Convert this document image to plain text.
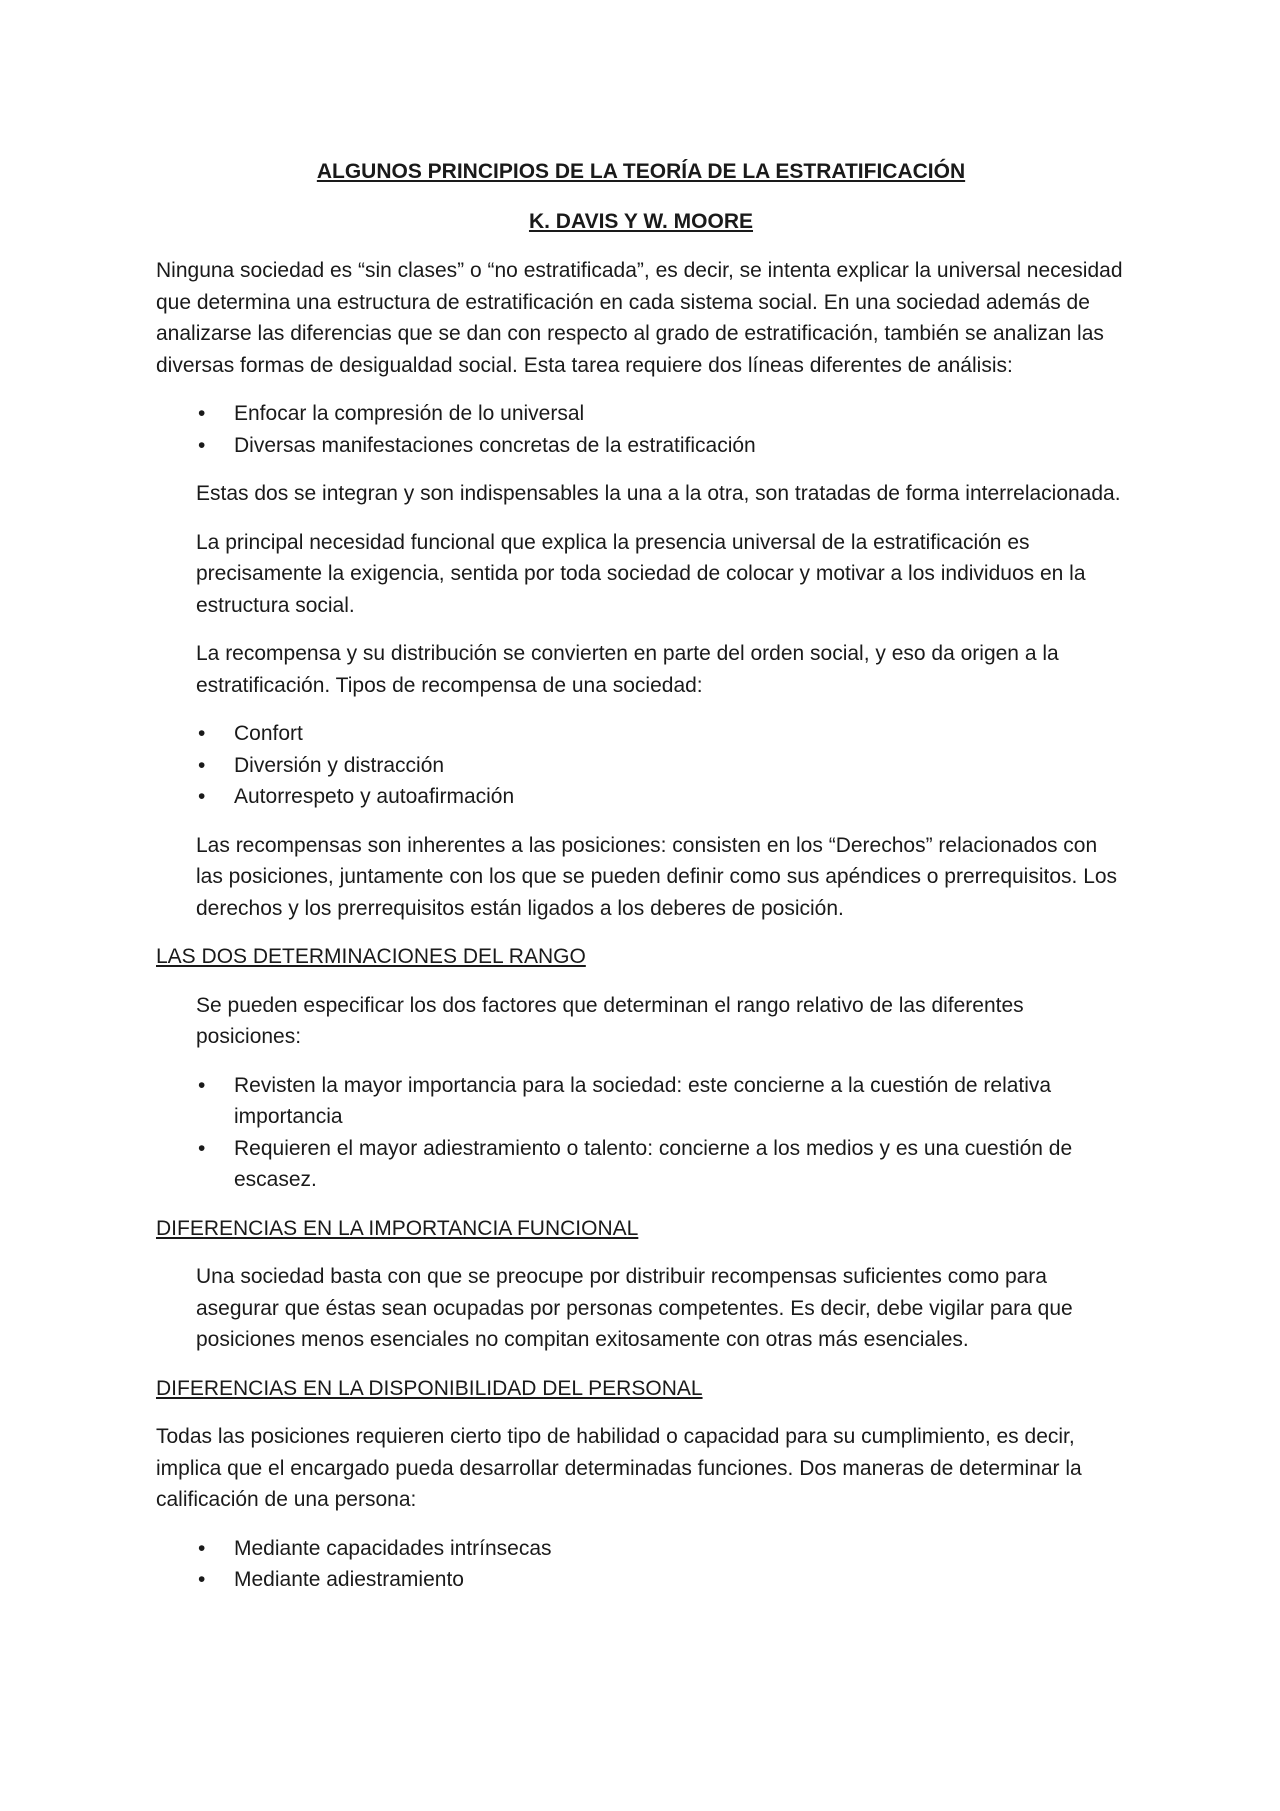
ALGUNOS PRINCIPIOS DE LA TEORÍA DE LA ESTRATIFICACIÓN
K. DAVIS Y W. MOORE

Ninguna sociedad es “sin clases” o “no estratificada”, es decir, se intenta explicar la universal necesidad que determina una estructura de estratificación en cada sistema social. En una sociedad además de analizarse las diferencias que se dan con respecto al grado de estratificación, también se analizan las diversas formas de desigualdad social. Esta tarea requiere dos líneas diferentes de análisis:

• Enfocar la compresión de lo universal
• Diversas manifestaciones concretas de la estratificación

Estas dos se integran y son indispensables la una a la otra, son tratadas de forma interrelacionada.

La principal necesidad funcional que explica la presencia universal de la estratificación es precisamente la exigencia, sentida por toda sociedad de colocar y motivar a los individuos en la estructura social.

La recompensa y su distribución se convierten en parte del orden social, y eso da origen a la estratificación. Tipos de recompensa de una sociedad:

• Confort
• Diversión y distracción
• Autorrespeto y autoafirmación

Las recompensas son inherentes a las posiciones: consisten en los “Derechos” relacionados con las posiciones, juntamente con los que se pueden definir como sus apéndices o prerrequisitos. Los derechos y los prerrequisitos están ligados a los deberes de posición.

LAS DOS DETERMINACIONES DEL RANGO

Se pueden especificar los dos factores que determinan el rango relativo de las diferentes posiciones:

• Revisten la mayor importancia para la sociedad: este concierne a la cuestión de relativa importancia
• Requieren el mayor adiestramiento o talento: concierne a los medios y es una cuestión de escasez.
DIFERENCIAS EN LA IMPORTANCIA FUNCIONAL

Una sociedad basta con que se preocupe por distribuir recompensas suficientes como para asegurar que éstas sean ocupadas por personas competentes. Es decir, debe vigilar para que posiciones menos esenciales no compitan exitosamente con otras más esenciales.

DIFERENCIAS EN LA DISPONIBILIDAD DEL PERSONAL

Todas las posiciones requieren cierto tipo de habilidad o capacidad para su cumplimiento, es decir, implica que el encargado pueda desarrollar determinadas funciones. Dos maneras de determinar la calificación de una persona:

• Mediante capacidades intrínsecas
• Mediante adiestramiento
